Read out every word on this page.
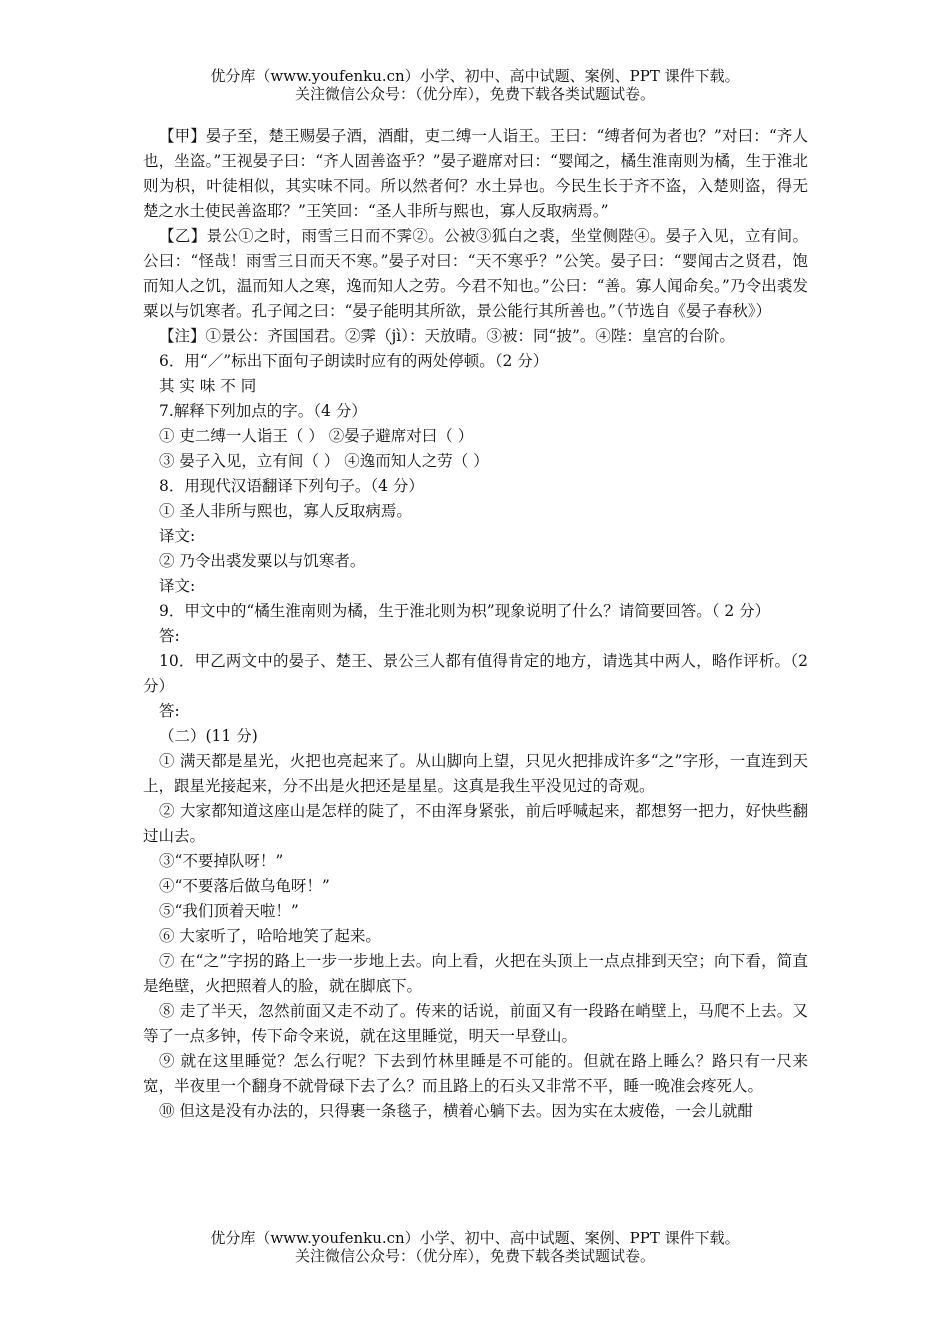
优分库（www.youfenku.cn）小学、初中、高中试题、案例、PPT 课件下载。
关注微信公众号：（优分库），免费下载各类试题试卷。

【甲】晏子至，楚王赐晏子酒，酒酣，吏二缚一人诣王。王曰：“缚者何为者也？”对曰：“齐人也，坐盗。”王视晏子曰：“齐人固善盗乎？”晏子避席对曰：“婴闻之，橘生淮南则为橘，生于淮北则为枳，叶徒相似，其实味不同。所以然者何？水土异也。今民生长于齐不盗，入楚则盗，得无楚之水土使民善盗耶？”王笑回：“圣人非所与熙也，寡人反取病焉。”

【乙】景公①之时，雨雪三日而不霁②。公被③狐白之裘，坐堂侧陛④。晏子入见，立有间。公曰：“怪哉！雨雪三日而天不寒。”晏子对曰：“天不寒乎？”公笑。晏子曰：“婴闻古之贤君，饱而知人之饥，温而知人之寒，逸而知人之劳。今君不知也。”公曰：“善。寡人闻命矣。”乃令出裘发粟以与饥寒者。孔子闻之曰：“晏子能明其所欲，景公能行其所善也。”（节选自《晏子春秋》）

【注】①景公：齐国国君。②霁（jì）：天放晴。③被：同“披”。④陛：皇宫的台阶。

6．用“／”标出下面句子朗读时应有的两处停顿。（2 分）

其 实 味 不 同

7.解释下列加点的字。（4 分）

① 吏二缚一人诣王（ ） ②晏子避席对曰（ ）

③ 晏子入见，立有间（ ） ④逸而知人之劳（ ）

8．用现代汉语翻译下列句子。（4 分）

① 圣人非所与熙也，寡人反取病焉。

译文:

② 乃令出裘发粟以与饥寒者。

译文:

9．甲文中的“橘生淮南则为橘，生于淮北则为枳”现象说明了什么？请简要回答。（ 2 分）

答:

10．甲乙两文中的晏子、楚王、景公三人都有值得肯定的地方，请选其中两人，略作评析。（2 分）

答:

（二）(11 分)

① 满天都是星光，火把也亮起来了。从山脚向上望，只见火把排成许多“之”字形，一直连到天上，跟星光接起来，分不出是火把还是星星。这真是我生平没见过的奇观。

② 大家都知道这座山是怎样的陡了，不由浑身紧张，前后呼喊起来，都想努一把力，好快些翻过山去。

③“不要掉队呀！”

④“不要落后做乌龟呀！”

⑤“我们顶着天啦！”

⑥ 大家听了，哈哈地笑了起来。

⑦ 在“之”字拐的路上一步一步地上去。向上看，火把在头顶上一点点排到天空；向下看，简直是绝壁，火把照着人的脸，就在脚底下。

⑧ 走了半天，忽然前面又走不动了。传来的话说，前面又有一段路在峭壁上，马爬不上去。又等了一点多钟，传下命令来说，就在这里睡觉，明天一早登山。

⑨ 就在这里睡觉？怎么行呢？下去到竹林里睡是不可能的。但就在路上睡么？路只有一尺来宽，半夜里一个翻身不就骨碌下去了么？而且路上的石头又非常不平，睡一晚准会疼死人。

⑩ 但这是没有办法的，只得裹一条毯子，横着心躺下去。因为实在太疲倦，一会儿就酣

优分库（www.youfenku.cn）小学、初中、高中试题、案例、PPT 课件下载。
关注微信公众号：（优分库），免费下载各类试题试卷。
